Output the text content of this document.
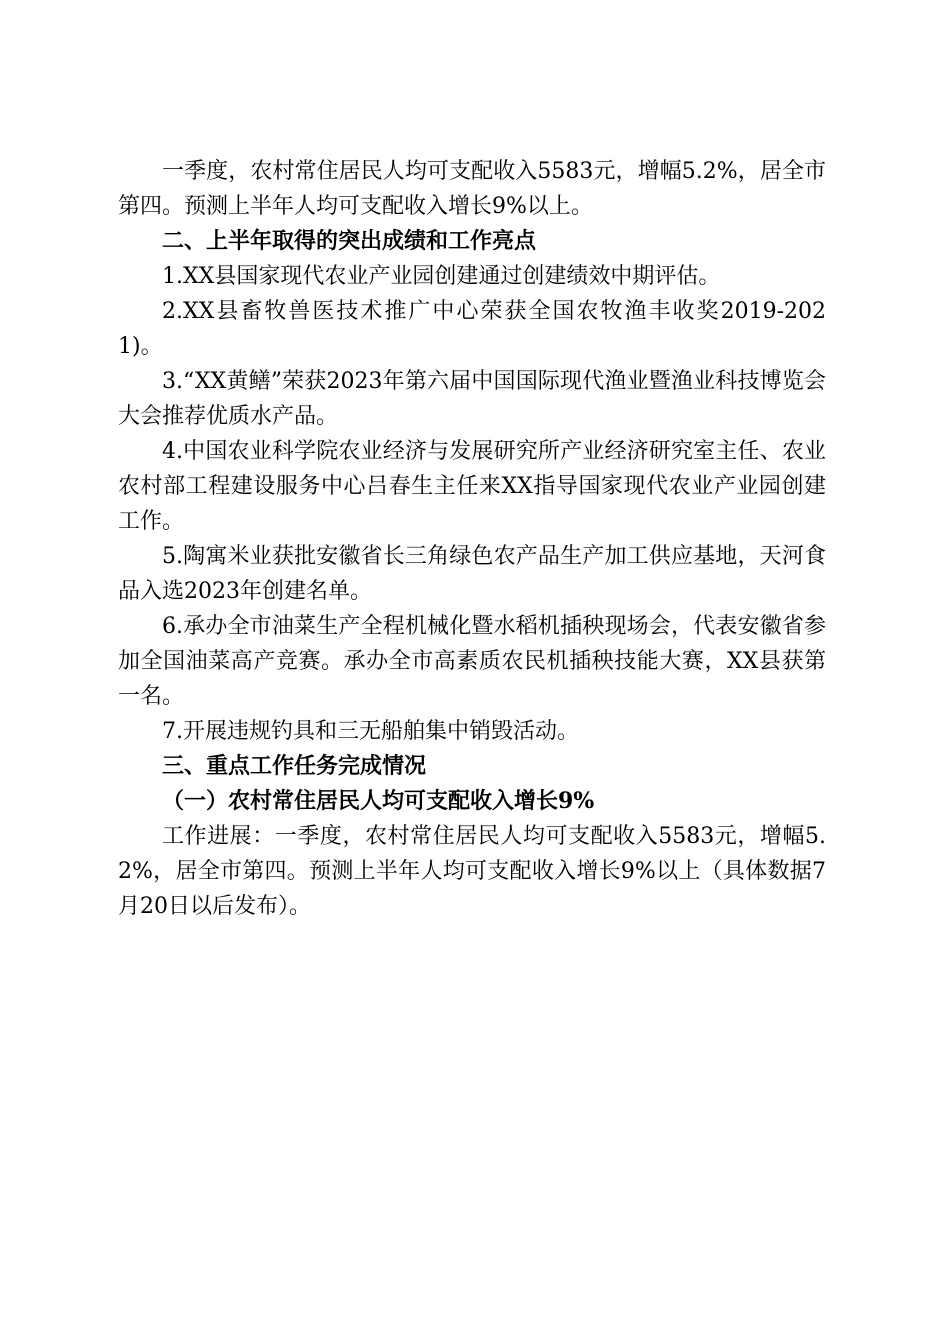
一季度，农村常住居民人均可支配收入5583元，增幅5.2%，居全市第四。预测上半年人均可支配收入增长9%以上。

二、上半年取得的突出成绩和工作亮点

1.XX县国家现代农业产业园创建通过创建绩效中期评估。

2.XX县畜牧兽医技术推广中心荣获全国农牧渔丰收奖2019-2021)。

3.“XX黄鳝”荣获2023年第六届中国国际现代渔业暨渔业科技博览会大会推荐优质水产品。

4.中国农业科学院农业经济与发展研究所产业经济研究室主任、农业农村部工程建设服务中心吕春生主任来XX指导国家现代农业产业园创建工作。

5.陶寓米业获批安徽省长三角绿色农产品生产加工供应基地，天河食品入选2023年创建名单。

6.承办全市油菜生产全程机械化暨水稻机插秧现场会，代表安徽省参加全国油菜高产竞赛。承办全市高素质农民机插秧技能大赛，XX县获第一名。

7.开展违规钓具和三无船舶集中销毁活动。

三、重点工作任务完成情况

（一）农村常住居民人均可支配收入增长9%

工作进展：一季度，农村常住居民人均可支配收入5583元，增幅5.2%，居全市第四。预测上半年人均可支配收入增长9%以上（具体数据7月20日以后发布）。
